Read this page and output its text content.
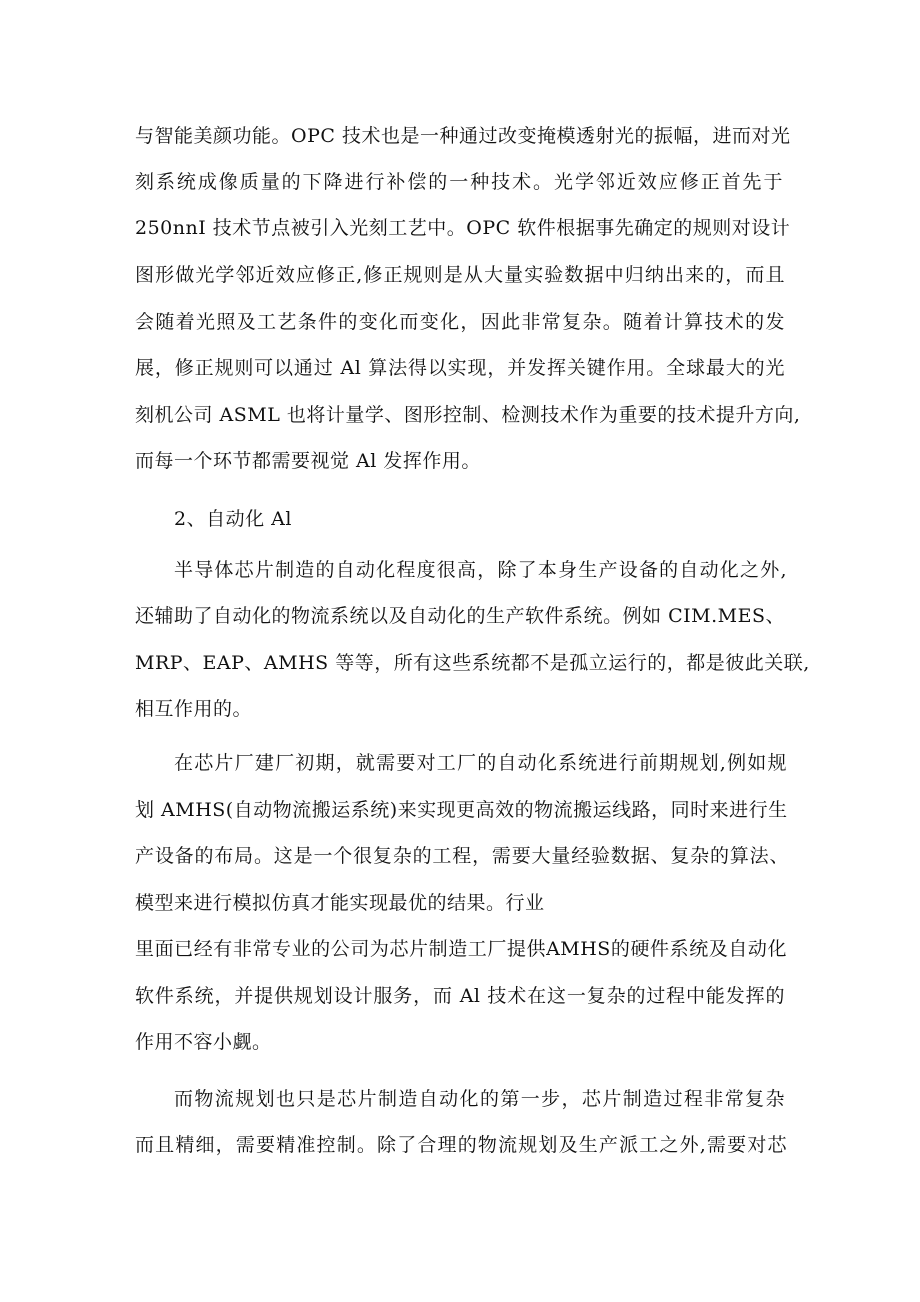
与智能美颜功能。OPC 技术也是一种通过改变掩模透射光的振幅，进而对光
刻系统成像质量的下降进行补偿的一种技术。光学邻近效应修正首先于
250nnI 技术节点被引入光刻工艺中。OPC 软件根据事先确定的规则对设计
图形做光学邻近效应修正,修正规则是从大量实验数据中归纳出来的，而且
会随着光照及工艺条件的变化而变化，因此非常复杂。随着计算技术的发
展，修正规则可以通过 Al 算法得以实现，并发挥关键作用。全球最大的光
刻机公司 ASML 也将计量学、图形控制、检测技术作为重要的技术提升方向,
而每一个环节都需要视觉 Al 发挥作用。
2、自动化 Al
半导体芯片制造的自动化程度很高，除了本身生产设备的自动化之外,
还辅助了自动化的物流系统以及自动化的生产软件系统。例如 CIM.MES、
MRP、EAP、AMHS 等等，所有这些系统都不是孤立运行的，都是彼此关联,
相互作用的。
在芯片厂建厂初期，就需要对工厂的自动化系统进行前期规划,例如规
划 AMHS(自动物流搬运系统)来实现更高效的物流搬运线路，同时来进行生
产设备的布局。这是一个很复杂的工程，需要大量经验数据、复杂的算法、
模型来进行模拟仿真才能实现最优的结果。行业
里面已经有非常专业的公司为芯片制造工厂提供AMHS的硬件系统及自动化
软件系统，并提供规划设计服务，而 Al 技术在这一复杂的过程中能发挥的
作用不容小觑。
而物流规划也只是芯片制造自动化的第一步，芯片制造过程非常复杂
而且精细，需要精准控制。除了合理的物流规划及生产派工之外,需要对芯
